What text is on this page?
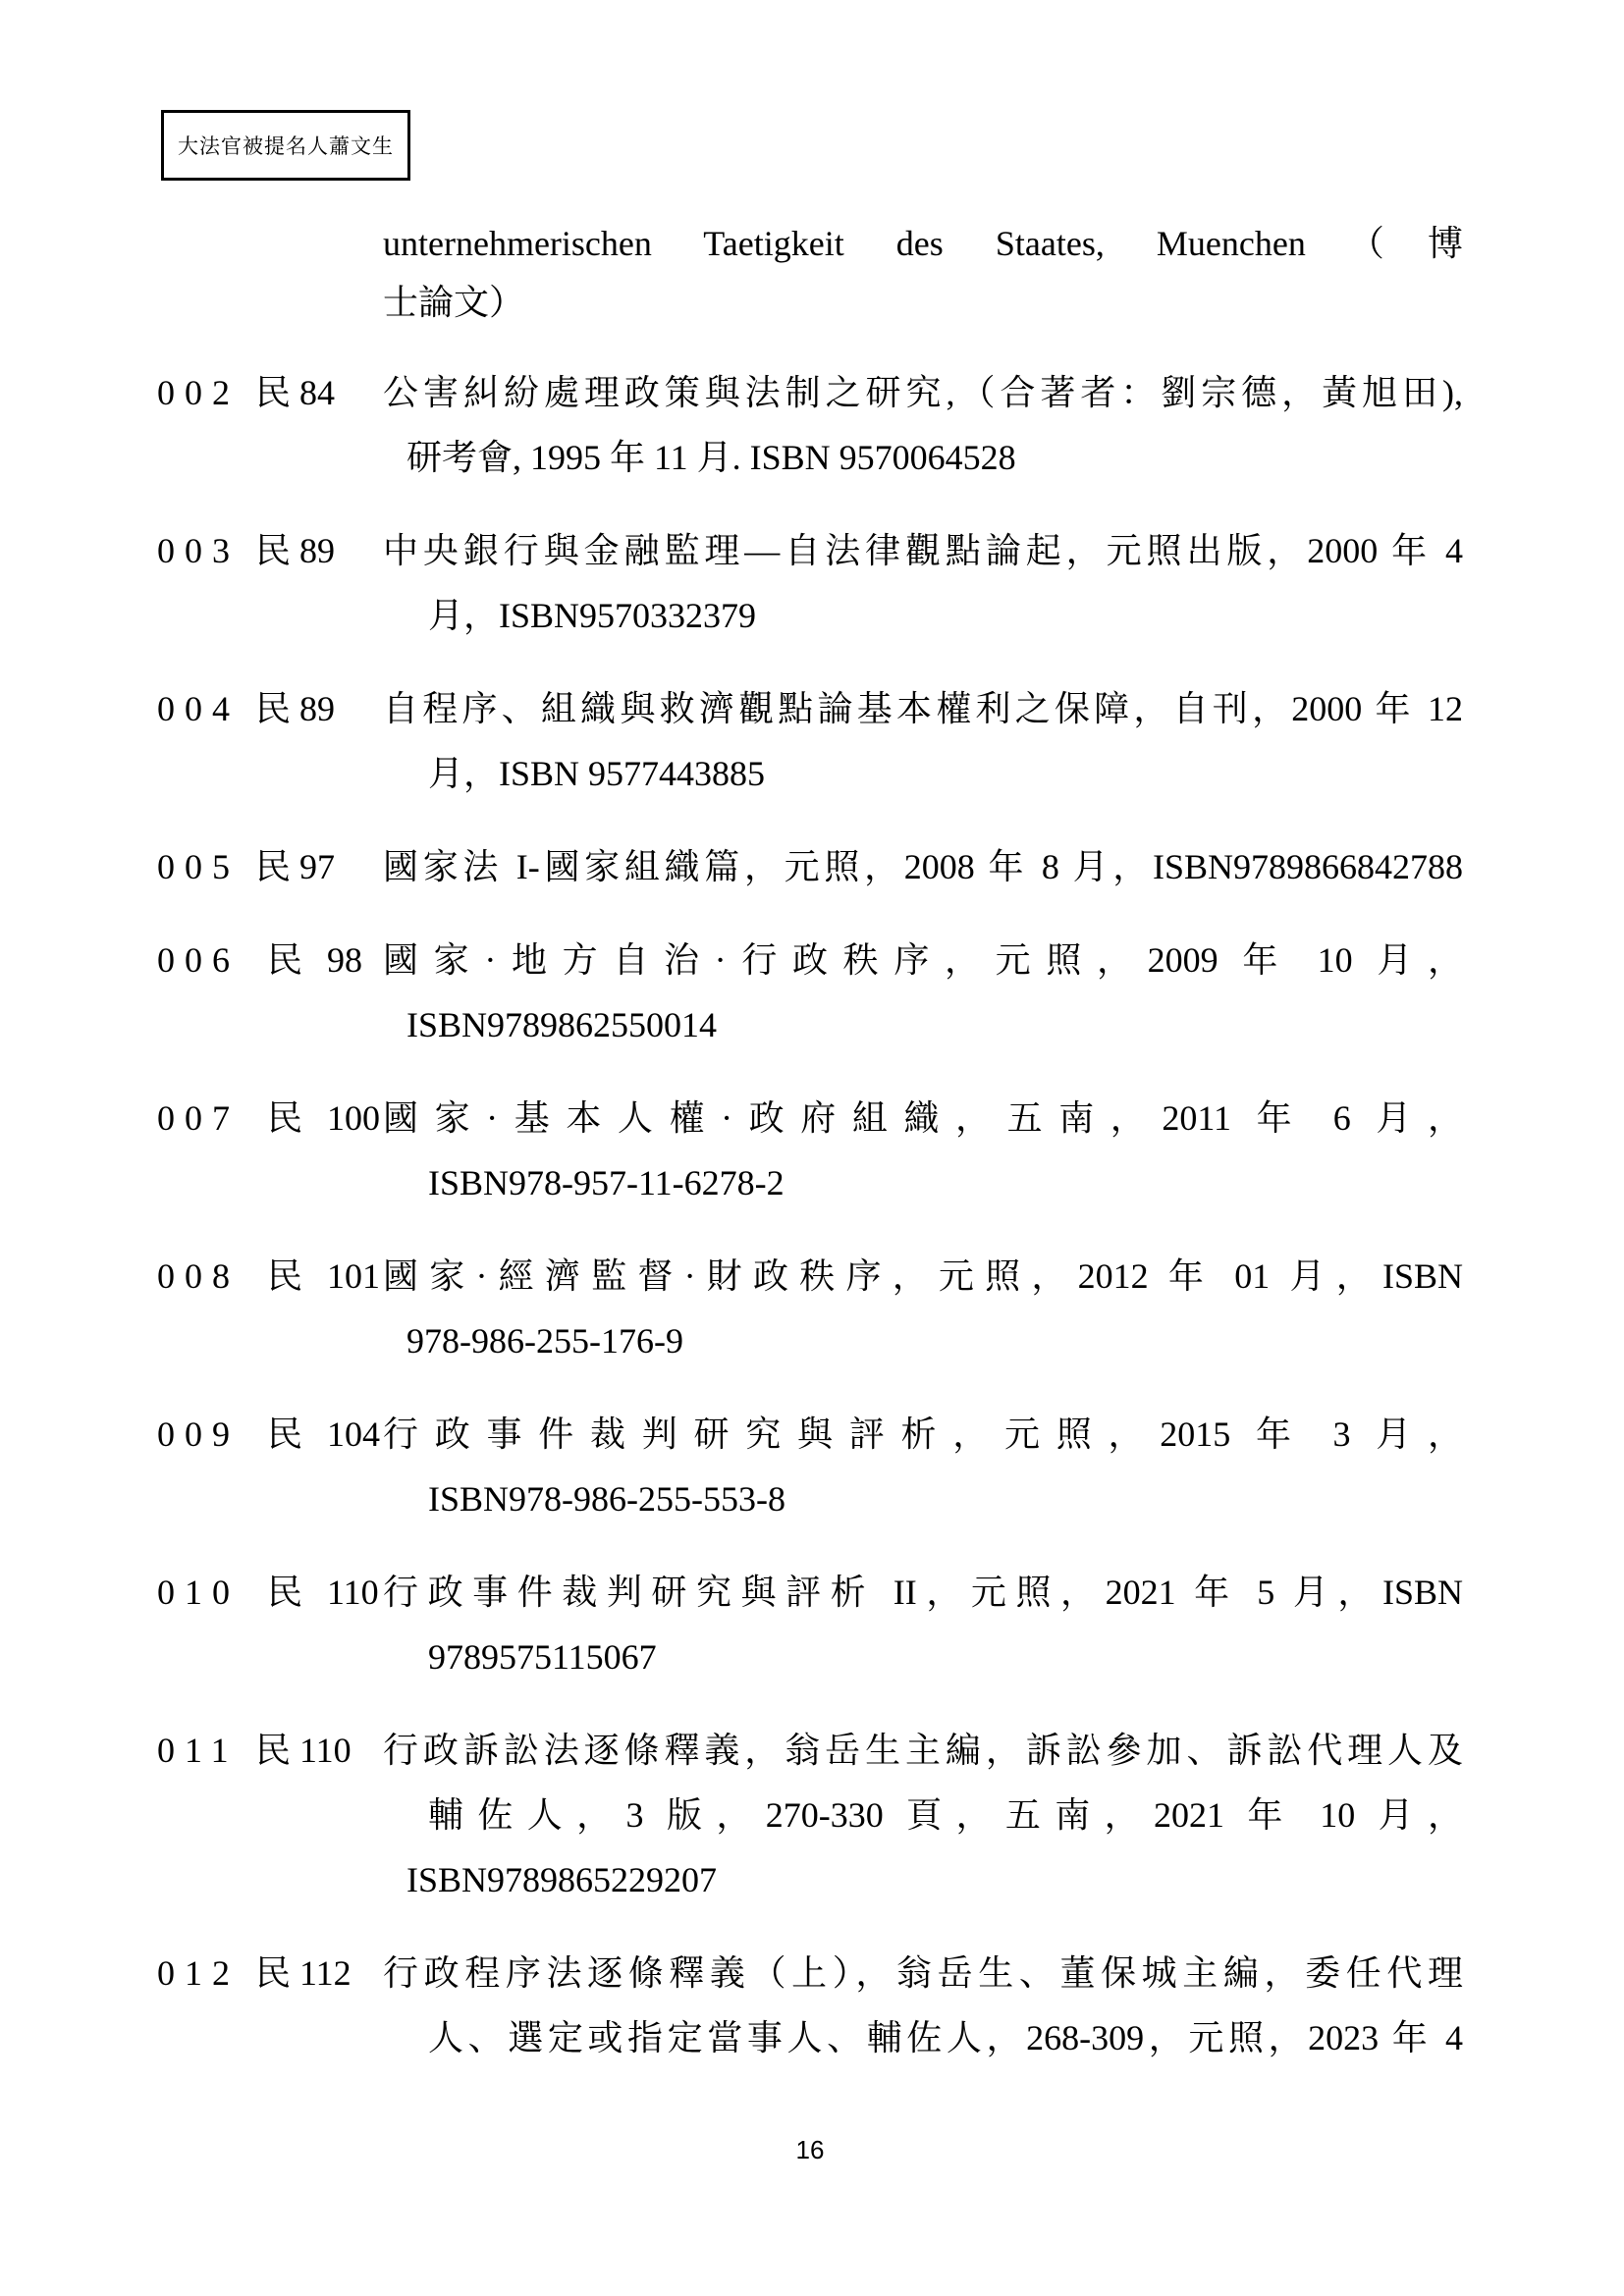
大法官被提名人蕭文生
unternehmerischen Taetigkeit des Staates, Muenchen（博
士論文）
002 民 84 公害糾紛處理政策與法制之研究,（合著者：劉宗德，黃旭田),
研考會, 1995 年 11 月. ISBN 9570064528
003 民 89 中央銀行與金融監理—自法律觀點論起，元照出版，2000 年 4
月，ISBN9570332379
004 民 89 自程序、組織與救濟觀點論基本權利之保障，自刊，2000 年 12
月，ISBN 9577443885
005 民 97 國家法 I-國家組織篇，元照，2008 年 8 月，ISBN9789866842788
006 民 98 國家·地方自治·行政秩序，元照，2009 年 10 月，
ISBN9789862550014
007 民 100 國家·基本人權·政府組織，五南，2011 年 6 月，
ISBN978-957-11-6278-2
008 民 101 國家·經濟監督·財政秩序，元照，2012 年 01 月，ISBN
978-986-255-176-9
009 民 104 行政事件裁判研究與評析，元照，2015 年 3 月，
ISBN978-986-255-553-8
010 民 110 行政事件裁判研究與評析 II，元照，2021 年 5 月，ISBN
9789575115067
011 民 110 行政訴訟法逐條釋義，翁岳生主編，訴訟參加、訴訟代理人及
輔佐人，3 版，270-330 頁，五南，2021 年 10 月，
ISBN9789865229207
012 民 112 行政程序法逐條釋義（上），翁岳生、董保城主編，委任代理
人、選定或指定當事人、輔佐人，268-309，元照，2023 年 4
16
